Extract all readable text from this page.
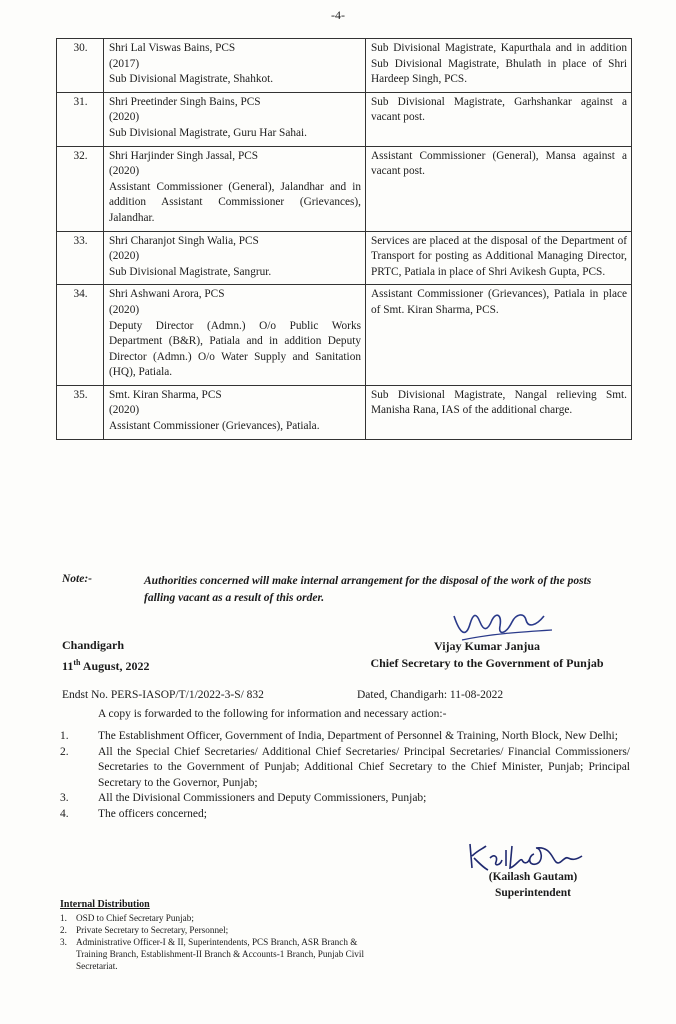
-4-
30.	Shri Lal Viswas Bains, PCS
(2017)
Sub Divisional Magistrate, Shahkot.	Sub Divisional Magistrate, Kapurthala and in addition Sub Divisional Magistrate, Bhulath in place of Shri Hardeep Singh, PCS.
31.	Shri Preetinder Singh Bains, PCS
(2020)
Sub Divisional Magistrate, Guru Har Sahai.	Sub Divisional Magistrate, Garhshankar against a vacant post.
32.	Shri Harjinder Singh Jassal, PCS
(2020)
Assistant Commissioner (General), Jalandhar and in addition Assistant Commissioner (Grievances), Jalandhar.	Assistant Commissioner (General), Mansa against a vacant post.
33.	Shri Charanjot Singh Walia, PCS
(2020)
Sub Divisional Magistrate, Sangrur.	Services are placed at the disposal of the Department of Transport for posting as Additional Managing Director, PRTC, Patiala in place of Shri Avikesh Gupta, PCS.
34.	Shri Ashwani Arora, PCS
(2020)
Deputy Director (Admn.) O/o Public Works Department (B&R), Patiala and in addition Deputy Director (Admn.) O/o Water Supply and Sanitation (HQ), Patiala.	Assistant Commissioner (Grievances), Patiala in place of Smt. Kiran Sharma, PCS.
35.	Smt. Kiran Sharma, PCS
(2020)
Assistant Commissioner (Grievances), Patiala.	Sub Divisional Magistrate, Nangal relieving Smt. Manisha Rana, IAS of the additional charge.
Note:-	Authorities concerned will make internal arrangement for the disposal of the work of the posts falling vacant as a result of this order.
Chandigarh
11th August, 2022
Vijay Kumar Janjua
Chief Secretary to the Government of Punjab
Endst No. PERS-IASOP/T/1/2022-3-S/ 832	Dated, Chandigarh: 11-08-2022
A copy is forwarded to the following for information and necessary action:-
1.	The Establishment Officer, Government of India, Department of Personnel & Training, North Block, New Delhi;
2.	All the Special Chief Secretaries/ Additional Chief Secretaries/ Principal Secretaries/ Financial Commissioners/ Secretaries to the Government of Punjab; Additional Chief Secretary to the Chief Minister, Punjab; Principal Secretary to the Governor, Punjab;
3.	All the Divisional Commissioners and Deputy Commissioners, Punjab;
4.	The officers concerned;
(Kailash Gautam)
Superintendent
Internal Distribution
1. OSD to Chief Secretary Punjab;
2. Private Secretary to Secretary, Personnel;
3. Administrative Officer-I & II, Superintendents, PCS Branch, ASR Branch & Training Branch, Establishment-II Branch & Accounts-1 Branch, Punjab Civil Secretariat.
